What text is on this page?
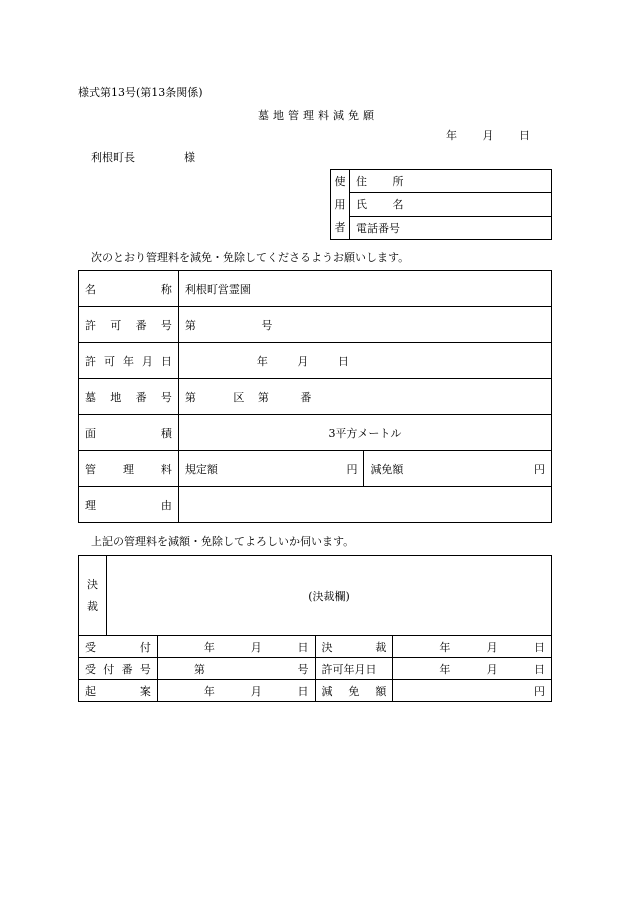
様式第13号(第13条関係)
墓地管理料減免願
年 月 日
利根町長	様
使
用
者
	住 所
氏 名
電話番号
次のとおり管理料を減免・免除してくださるようお願いします。
名 称	利根町営霊園	

許 可 番 号	第 号	

許 可 年 月 日	年 月 日	

墓 地 番 号	第 区 第 番	

面 積	3平方メートル	

管 理 料	規定額 円	減免額 円

理 由		

上記の管理料を減額・免除してよろしいか伺います。
決
裁	(決裁欄)			

受 付		年 月 日	決 裁	年 月 日

受 付 番 号		第 号	許可年月日	年 月 日

起 案		年 月 日	減 免 額	円
